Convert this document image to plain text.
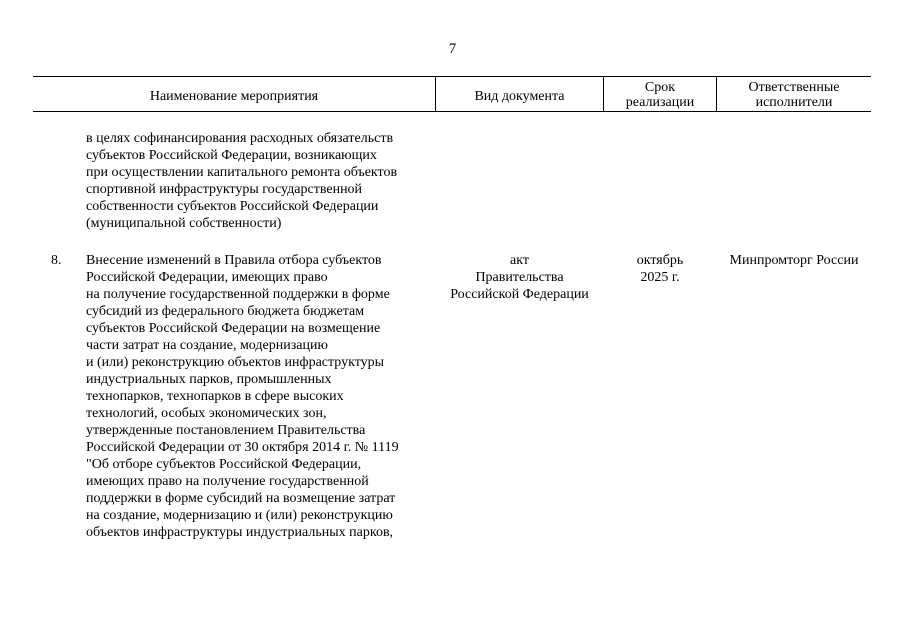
7
Наименование мероприятия	Вид документа
Срок
реализации
Ответственные
исполнители
в целях софинансирования расходных обязательств
субъектов Российской Федерации, возникающих
при осуществлении капитального ремонта объектов
спортивной инфраструктуры государственной
собственности субъектов Российской Федерации
(муниципальной собственности)
8. Внесение изменений в Правила отбора субъектов
Российской Федерации, имеющих право
на получение государственной поддержки в форме
субсидий из федерального бюджета бюджетам
субъектов Российской Федерации на возмещение
части затрат на создание, модернизацию
и (или) реконструкцию объектов инфраструктуры
индустриальных парков, промышленных
технопарков, технопарков в сфере высоких
технологий, особых экономических зон,
утвержденные постановлением Правительства
Российской Федерации от 30 октября 2014 г. № 1119
"Об отборе субъектов Российской Федерации,
имеющих право на получение государственной
поддержки в форме субсидий на возмещение затрат
на создание, модернизацию и (или) реконструкцию
объектов инфраструктуры индустриальных парков,
акт
Правительства
Российской Федерации
октябрь
2025 г.
Минпромторг России
